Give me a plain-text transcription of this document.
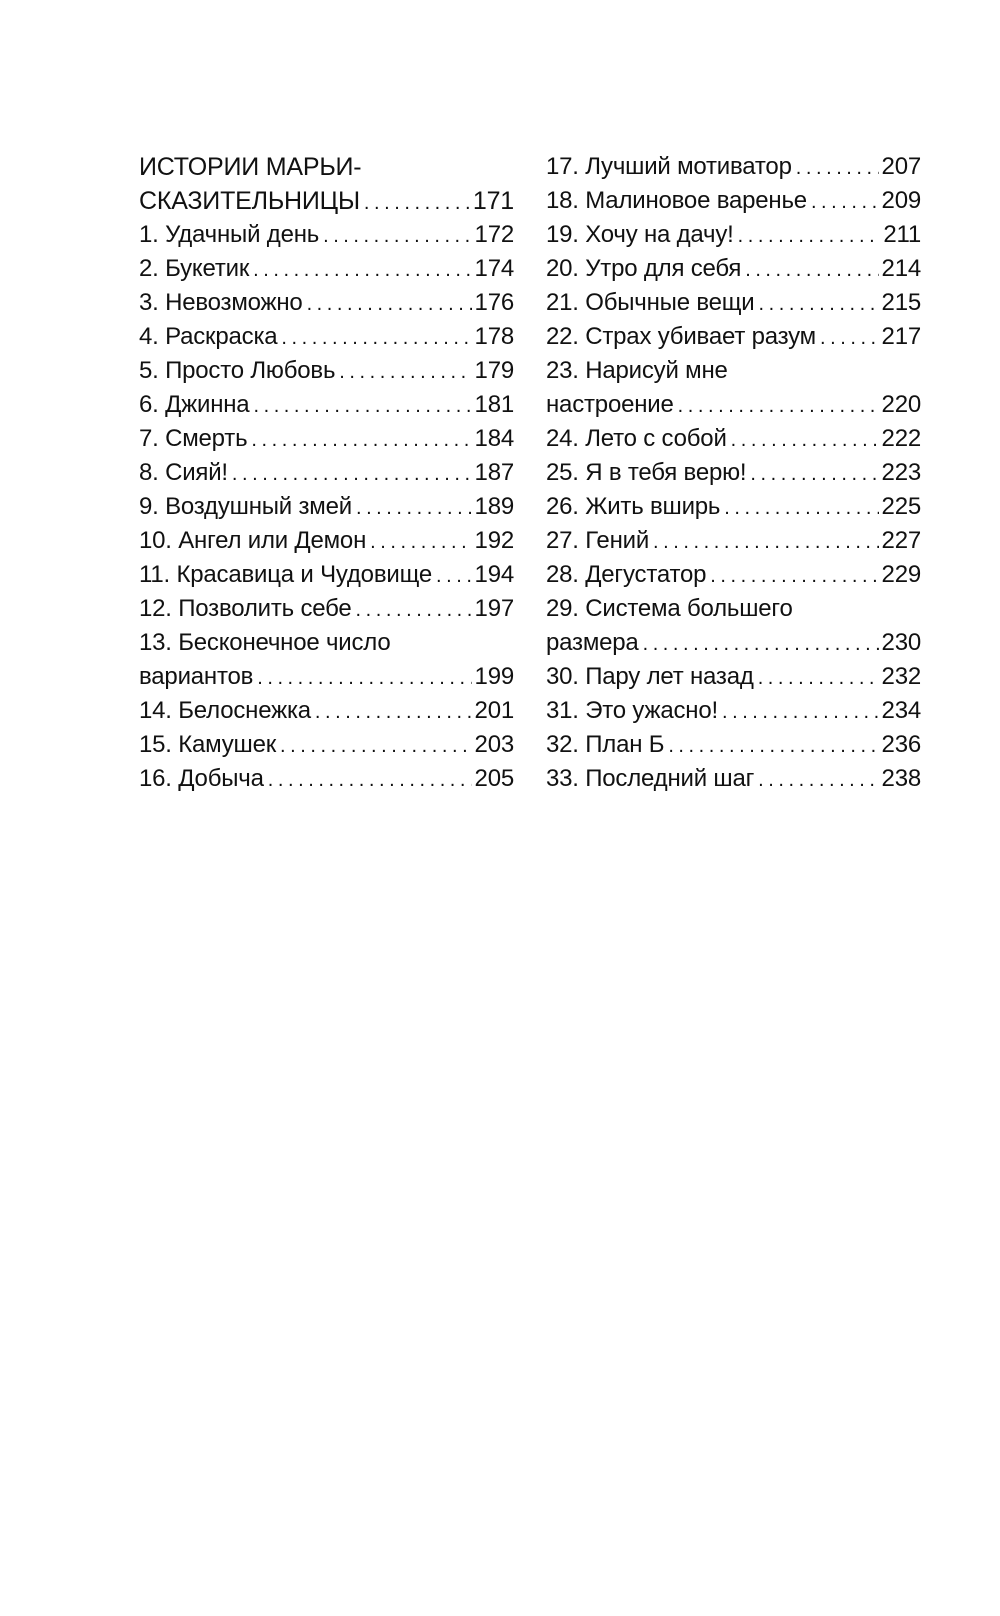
ИСТОРИИ МАРЬИ-
СКАЗИТЕЛЬНИЦЫ . . .	171
1. Удачный день . . .	172
2. Букетик . . .	174
3. Невозможно . . .	176
4. Раскраска . . .	178
5. Просто Любовь . . .	179
6. Джинна . . .	181
7. Смерть . . .	184
8. Сияй! . . .	187
9. Воздушный змей . . .	189
10. Ангел или Демон . . .	192
11. Красавица и Чудовище . . . 194
12. Позволить себе . . .	197
13. Бесконечное число
вариантов . . .	199
14. Белоснежка . . .	201
15. Камушек . . .	203
16. Добыча . . .	205
17. Лучший мотиватор . . .	207
18. Малиновое варенье . . .	209
19. Хочу на дачу! . . .	211
20. Утро для себя . . .	214
21. Обычные вещи . . .	215
22. Страх убивает разум . . .	217
23. Нарисуй мне
настроение . . .	220
24. Лето с собой . . .	222
25. Я в тебя верю! . . .	223
26. Жить вширь . . .	225
27. Гений . . .	227
28. Дегустатор . . .	229
29. Система большего
размера . . .	230
30. Пару лет назад . . .	232
31. Это ужасно! . . .	234
32. План Б . . .	236
33. Последний шаг . . .	238
